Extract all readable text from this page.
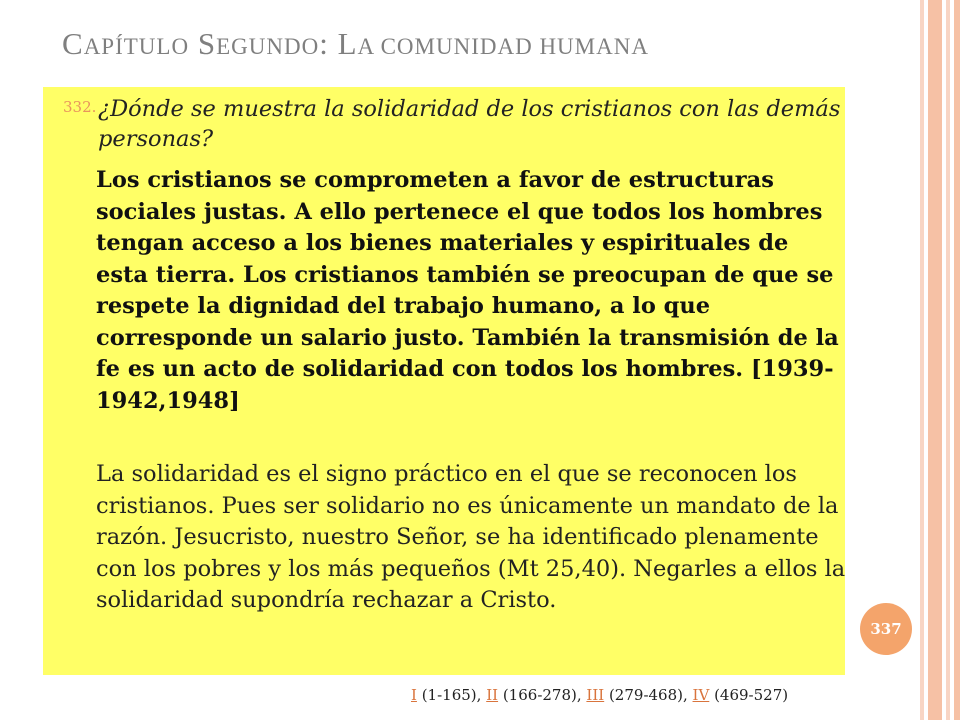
CAPÍTULO SEGUNDO: LA COMUNIDAD HUMANA
332. ¿Dónde se muestra la solidaridad de los cristianos con las demás personas?

Los cristianos se comprometen a favor de estructuras sociales justas. A ello pertenece el que todos los hombres tengan acceso a los bienes materiales y espirituales de esta tierra. Los cristianos también se preocupan de que se respete la dignidad del trabajo humano, a lo que corresponde un salario justo. También la transmisión de la fe es un acto de solidaridad con todos los hombres. [1939-1942,1948]

La solidaridad es el signo práctico en el que se reconocen los cristianos. Pues ser solidario no es únicamente un mandato de la razón. Jesucristo, nuestro Señor, se ha identificado plenamente con los pobres y los más pequeños (Mt 25,40). Negarles a ellos la solidaridad supondría rechazar a Cristo.

337

I (1-165), II (166-278), III (279-468), IV (469-527)
